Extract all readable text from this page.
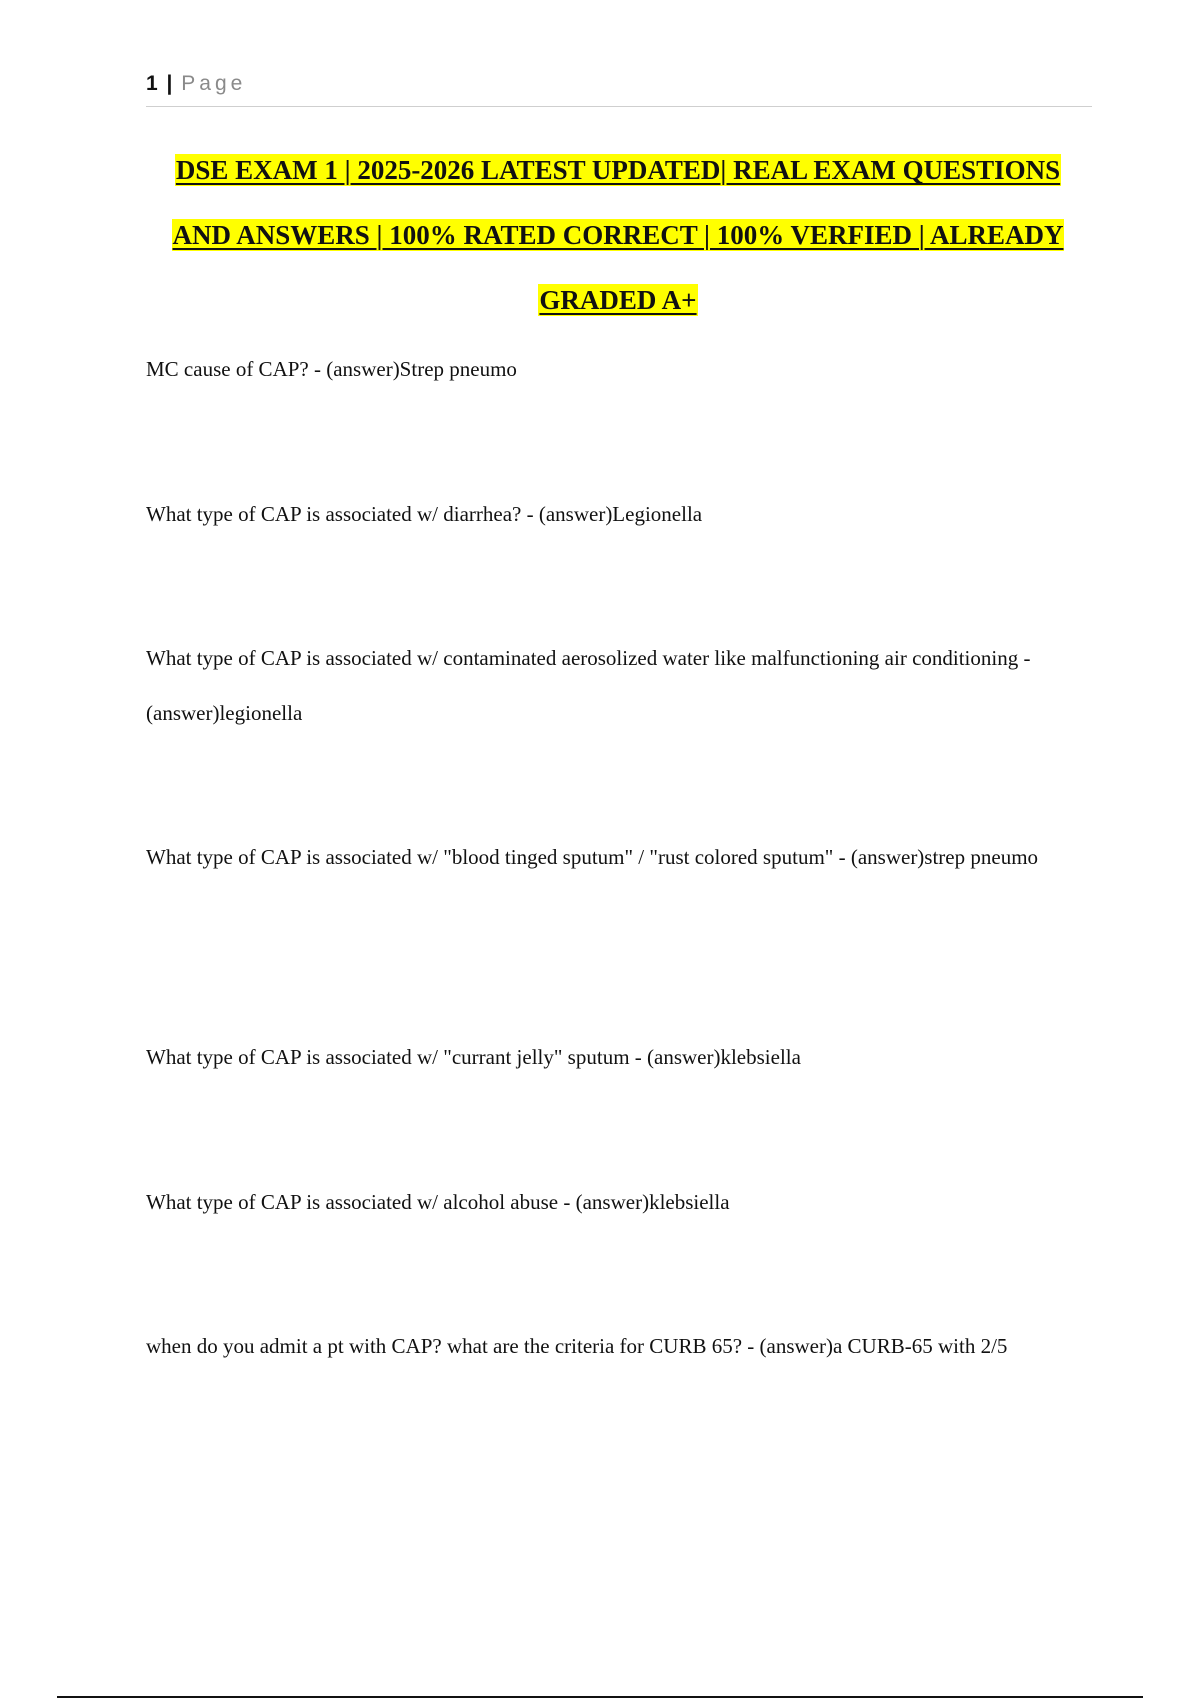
1 | Page
DSE EXAM 1 | 2025-2026 LATEST UPDATED| REAL EXAM QUESTIONS
AND ANSWERS | 100% RATED CORRECT | 100% VERFIED | ALREADY
GRADED A+

MC cause of CAP? - (answer)Strep pneumo

What type of CAP is associated w/ diarrhea? - (answer)Legionella

What type of CAP is associated w/ contaminated aerosolized water like malfunctioning air conditioning - (answer)legionella

What type of CAP is associated w/ "blood tinged sputum" / "rust colored sputum" - (answer)strep pneumo

What type of CAP is associated w/ "currant jelly" sputum - (answer)klebsiella

What type of CAP is associated w/ alcohol abuse - (answer)klebsiella

when do you admit a pt with CAP? what are the criteria for CURB 65? - (answer)a CURB-65 with 2/5
